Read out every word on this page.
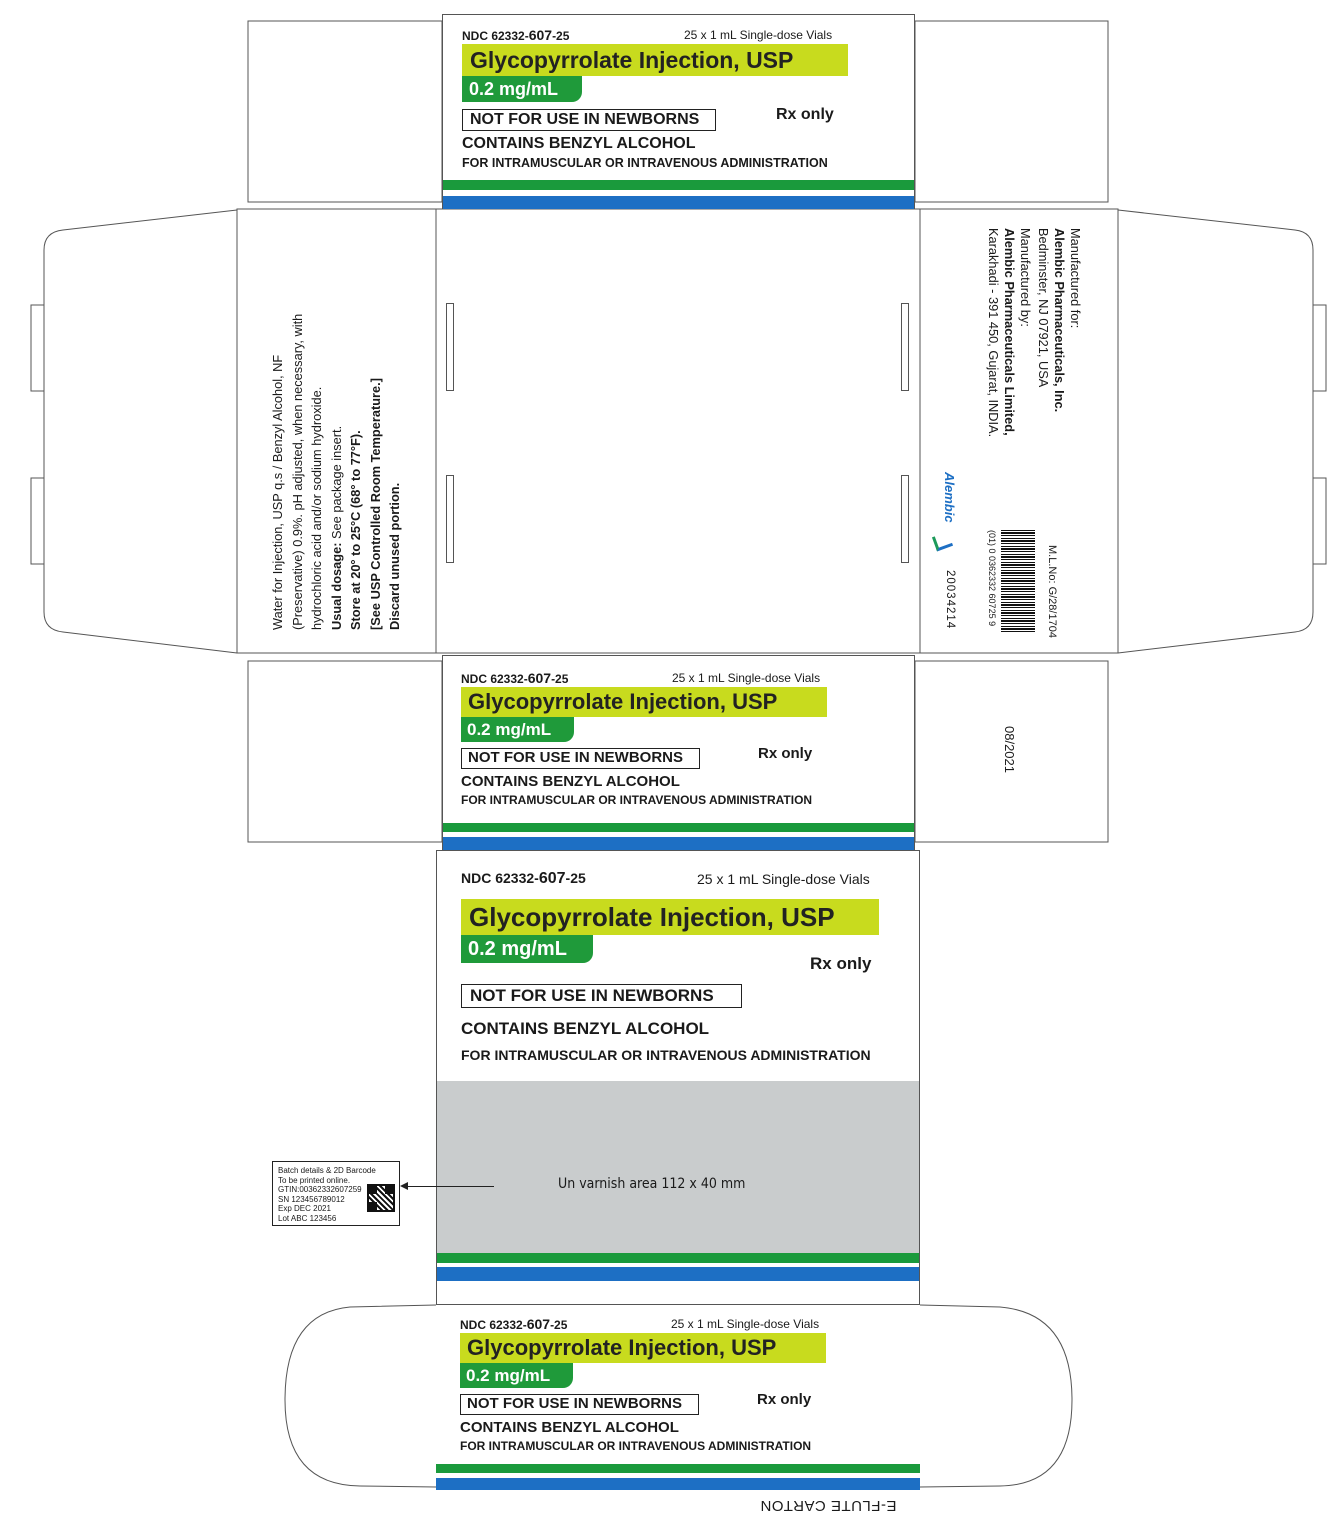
NDC 62332-607-25	25 x 1 mL Single-dose Vials
Glycopyrrolate Injection, USP
0.2 mg/mL
NOT FOR USE IN NEWBORNS	Rx only
CONTAINS BENZYL ALCOHOL
FOR INTRAMUSCULAR OR INTRAVENOUS ADMINISTRATION
Water for Injection, USP q.s / Benzyl Alcohol, NF (Preservative) 0.9%. pH adjusted, when necessary, with hydrochloric acid and/or sodium hydroxide. Usual dosage: See package insert. Store at 20° to 25°C (68° to 77°F). [See USP Controlled Room Temperature.] Discard unused portion.
Manufactured for:
Alembic Pharmaceuticals, Inc.
Bedminster, NJ 07921, USA
Manufactured by:
Alembic Pharmaceuticals Limited,
Karakhadi - 391 450, Gujarat, INDIA.
Alembic
M.L.No: G/28/1704
(01) 0 0362332 60725 9
20034214
08/2021
NDC 62332-607-25	25 x 1 mL Single-dose Vials
Glycopyrrolate Injection, USP
0.2 mg/mL
NOT FOR USE IN NEWBORNS	Rx only
CONTAINS BENZYL ALCOHOL
FOR INTRAMUSCULAR OR INTRAVENOUS ADMINISTRATION
NDC 62332-607-25	25 x 1 mL Single-dose Vials
Glycopyrrolate Injection, USP
0.2 mg/mL
Rx only
NOT FOR USE IN NEWBORNS
CONTAINS BENZYL ALCOHOL
FOR INTRAMUSCULAR OR INTRAVENOUS ADMINISTRATION
Un varnish area 112 x 40 mm
Batch details & 2D Barcode
To be printed online.
GTIN:00362332607259
SN 123456789012
Exp DEC 2021
Lot ABC 123456
NDC 62332-607-25	25 x 1 mL Single-dose Vials
Glycopyrrolate Injection, USP
0.2 mg/mL
NOT FOR USE IN NEWBORNS	Rx only
CONTAINS BENZYL ALCOHOL
FOR INTRAMUSCULAR OR INTRAVENOUS ADMINISTRATION
E-FLUTE CARTON
